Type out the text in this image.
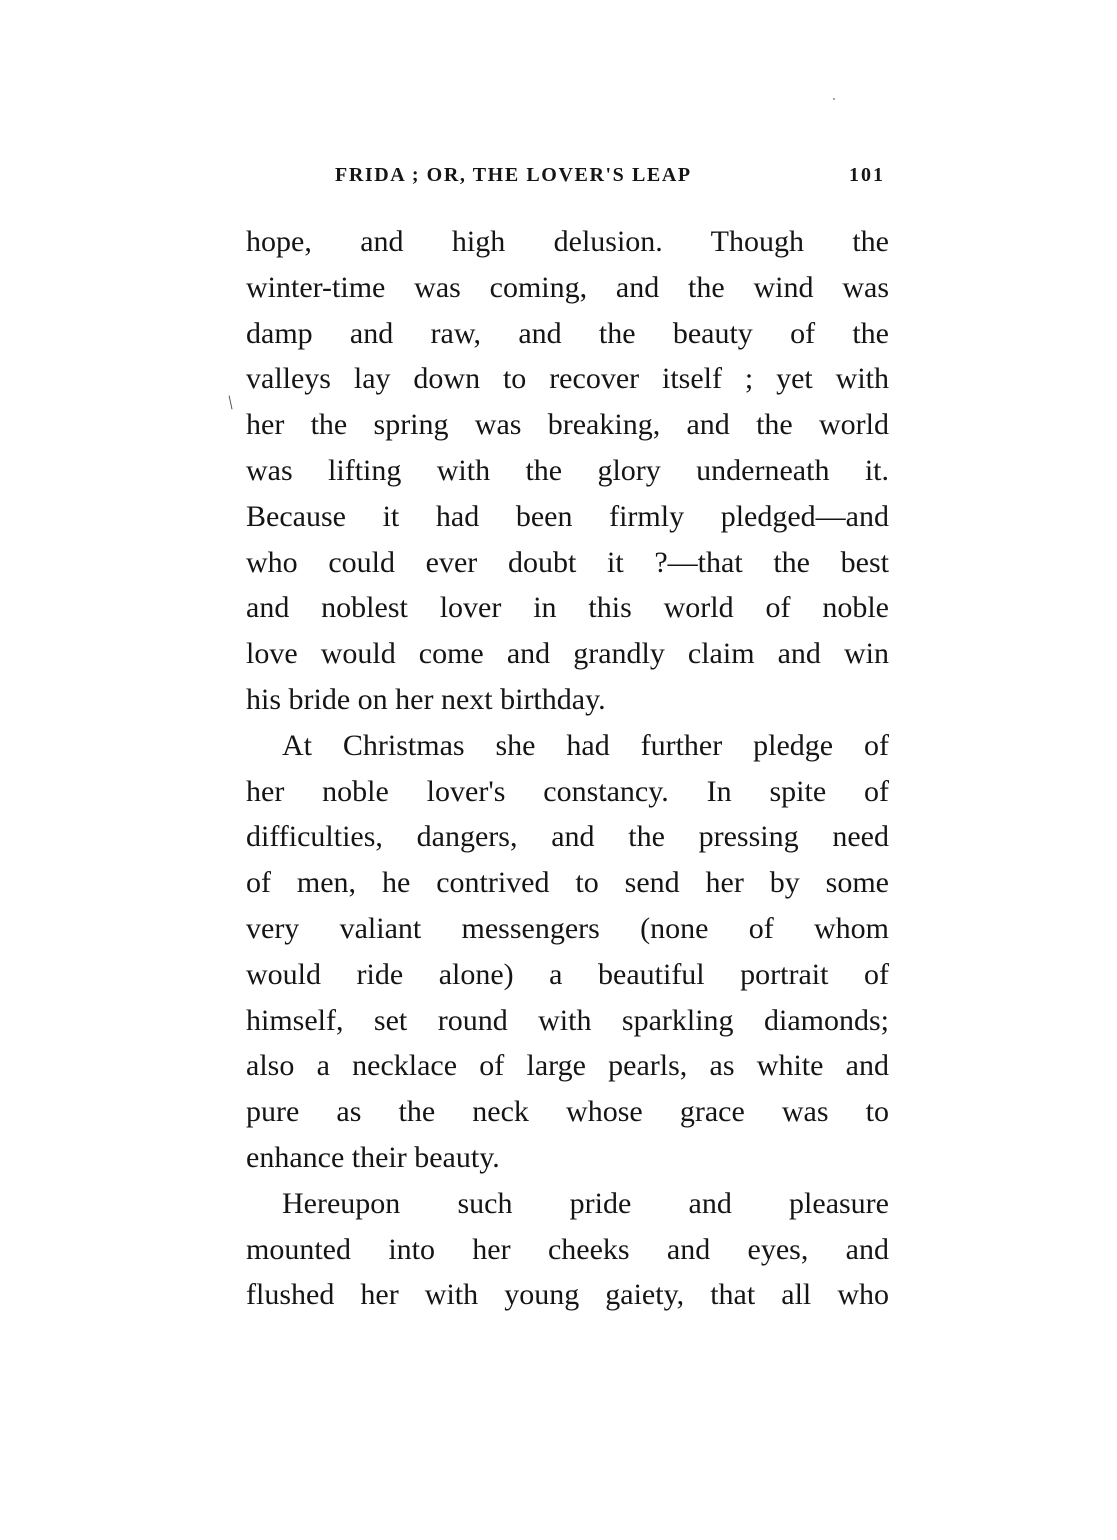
FRIDA ; OR, THE LOVER'S LEAP	101
hope, and high delusion. Though the
winter-time was coming, and the wind was
damp and raw, and the beauty of the
valleys lay down to recover itself ; yet with
her the spring was breaking, and the world
was lifting with the glory underneath it.
Because it had been firmly pledged—and
who could ever doubt it ?—that the best
and noblest lover in this world of noble
love would come and grandly claim and win
his bride on her next birthday.
At Christmas she had further pledge of
her noble lover's constancy. In spite of
difficulties, dangers, and the pressing need
of men, he contrived to send her by some
very valiant messengers (none of whom
would ride alone) a beautiful portrait of
himself, set round with sparkling diamonds;
also a necklace of large pearls, as white and
pure as the neck whose grace was to
enhance their beauty.
Hereupon such pride and pleasure
mounted into her cheeks and eyes, and
flushed her with young gaiety, that all who
